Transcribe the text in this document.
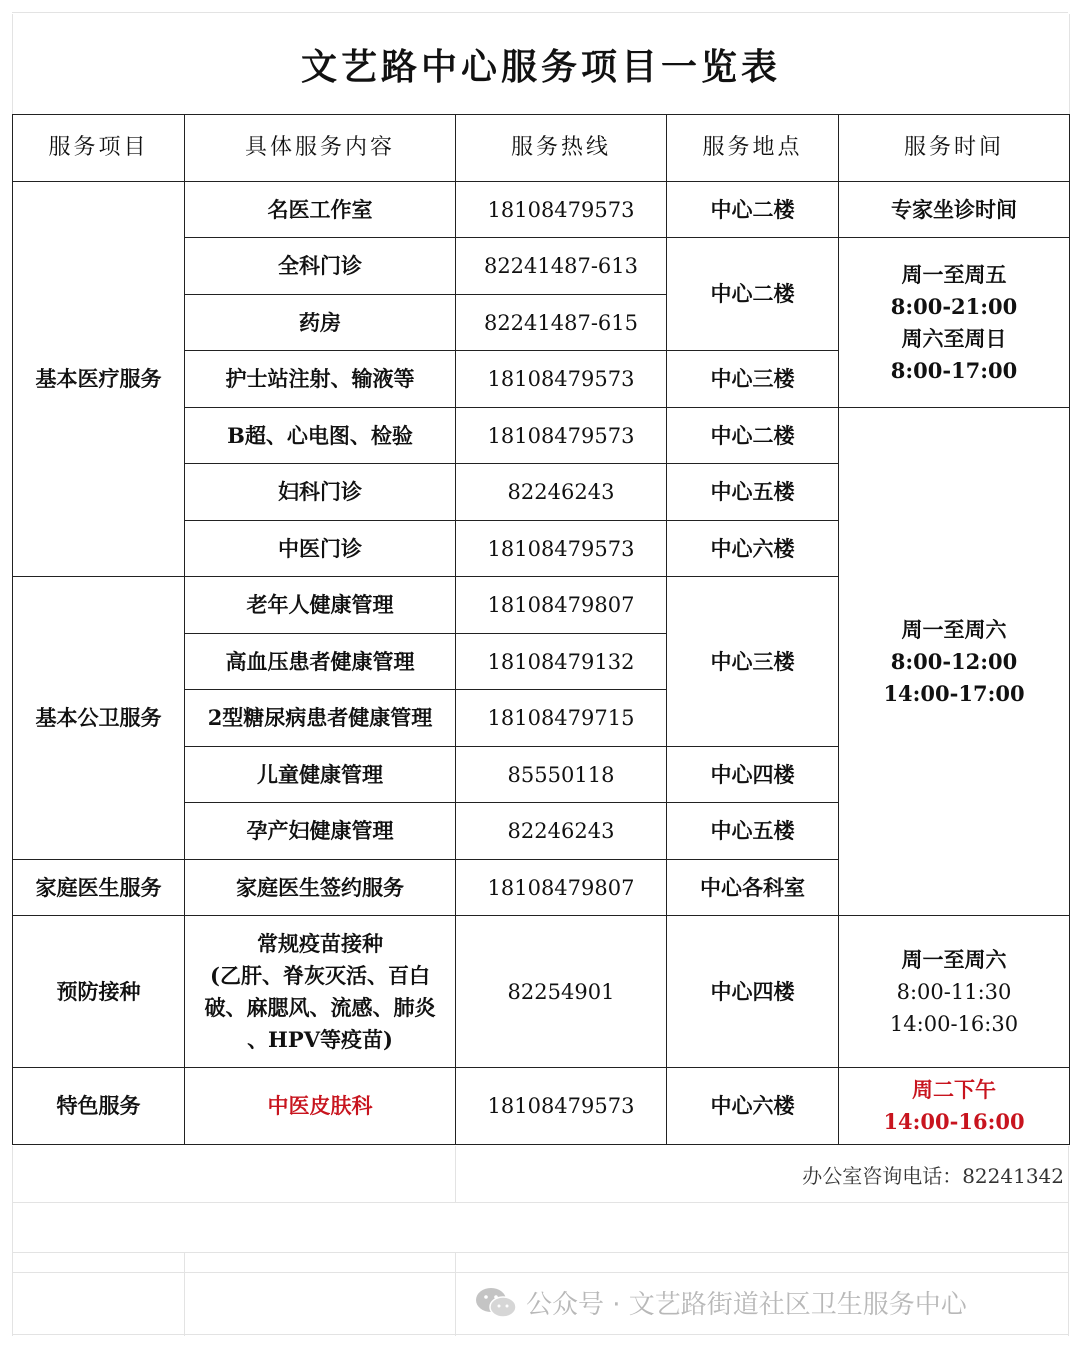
文艺路中心服务项目一览表
服务项目	具体服务内容	服务热线	服务地点	服务时间
基本医疗服务	名医工作室	18108479573	中心二楼	专家坐诊时间
	全科门诊	82241487-613	中心二楼	周一至周五
8:00-21:00
周六至周日
8:00-17:00

	药房	82241487-615		
	护士站注射、输液等	18108479573	中心三楼	
	B超、心电图、检验	18108479573	中心二楼	周一至周六
8:00-12:00
14:00-17:00

	妇科门诊	82246243	中心五楼	
	中医门诊	18108479573	中心六楼	
基本公卫服务	老年人健康管理	18108479807	中心三楼	
	高血压患者健康管理	18108479132		
	2型糖尿病患者健康管理	18108479715		
	儿童健康管理	85550118	中心四楼	
	孕产妇健康管理	82246243	中心五楼	
家庭医生服务	家庭医生签约服务	18108479807	中心各科室	
预防接种	常规疫苗接种
(乙肝、脊灰灭活、百白
破、麻腮风、流感、肺炎
、HPV等疫苗)	82254901	中心四楼	周一至周六
8:00-11:30
14:00-16:30

特色服务	中医皮肤科	18108479573	中心六楼	周二下午
14:00-16:00
办公室咨询电话：82241342
公众号 · 文艺路街道社区卫生服务中心
